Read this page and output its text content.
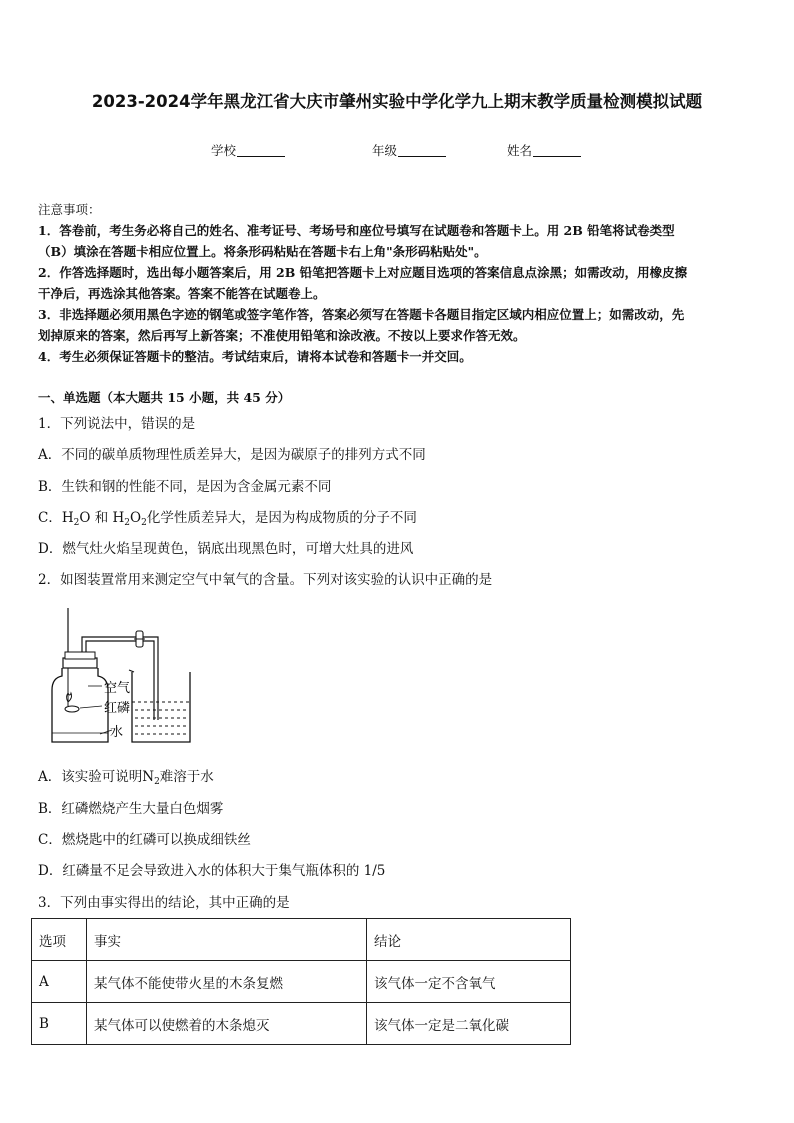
2023-2024学年黑龙江省大庆市肇州实验中学化学九上期末教学质量检测模拟试题
学校	年级	姓名
注意事项：
1．答卷前，考生务必将自己的姓名、准考证号、考场号和座位号填写在试题卷和答题卡上。用 2B 铅笔将试卷类型
（B）填涂在答题卡相应位置上。将条形码粘贴在答题卡右上角"条形码粘贴处"。
2．作答选择题时，选出每小题答案后，用 2B 铅笔把答题卡上对应题目选项的答案信息点涂黑；如需改动，用橡皮擦
干净后，再选涂其他答案。答案不能答在试题卷上。
3．非选择题必须用黑色字迹的钢笔或签字笔作答，答案必须写在答题卡各题目指定区域内相应位置上；如需改动，先
划掉原来的答案，然后再写上新答案；不准使用铅笔和涂改液。不按以上要求作答无效。
4．考生必须保证答题卡的整洁。考试结束后，请将本试卷和答题卡一并交回。
一、单选题（本大题共 15 小题，共 45 分）
1．下列说法中，错误的是
A．不同的碳单质物理性质差异大，是因为碳原子的排列方式不同
B．生铁和钢的性能不同，是因为含金属元素不同
C．$H_2O$ 和 $H_2O_2$化学性质差异大，是因为构成物质的分子不同
D．燃气灶火焰呈现黄色，锅底出现黑色时，可增大灶具的进风
2．如图装置常用来测定空气中氧气的含量。下列对该实验的认识中正确的是
空气
红磷
水
A．该实验可说明$N_2$难溶于水
B．红磷燃烧产生大量白色烟雾
C．燃烧匙中的红磷可以换成细铁丝
D．红磷量不足会导致进入水的体积大于集气瓶体积的 1/5
3．下列由事实得出的结论，其中正确的是
选项	事实	结论
A	某气体不能使带火星的木条复燃	该气体一定不含氧气
B	某气体可以使燃着的木条熄灭	该气体一定是二氧化碳
